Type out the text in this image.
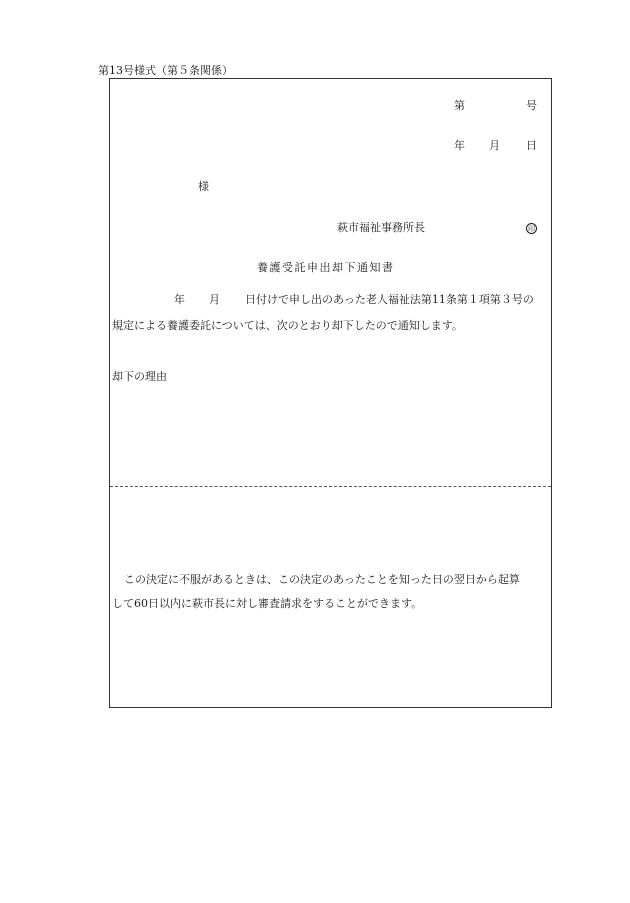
第13号様式（第５条関係）
第	号
年 月 日
様
萩市福祉事務所長	印
養護受託申出却下通知書
年 月 日付けで申し出のあった老人福祉法第11条第１項第３号の
規定による養護委託については、次のとおり却下したので通知します。
却下の理由
この決定に不服があるときは、この決定のあったことを知った日の翌日から起算
して60日以内に萩市長に対し審査請求をすることができます。
